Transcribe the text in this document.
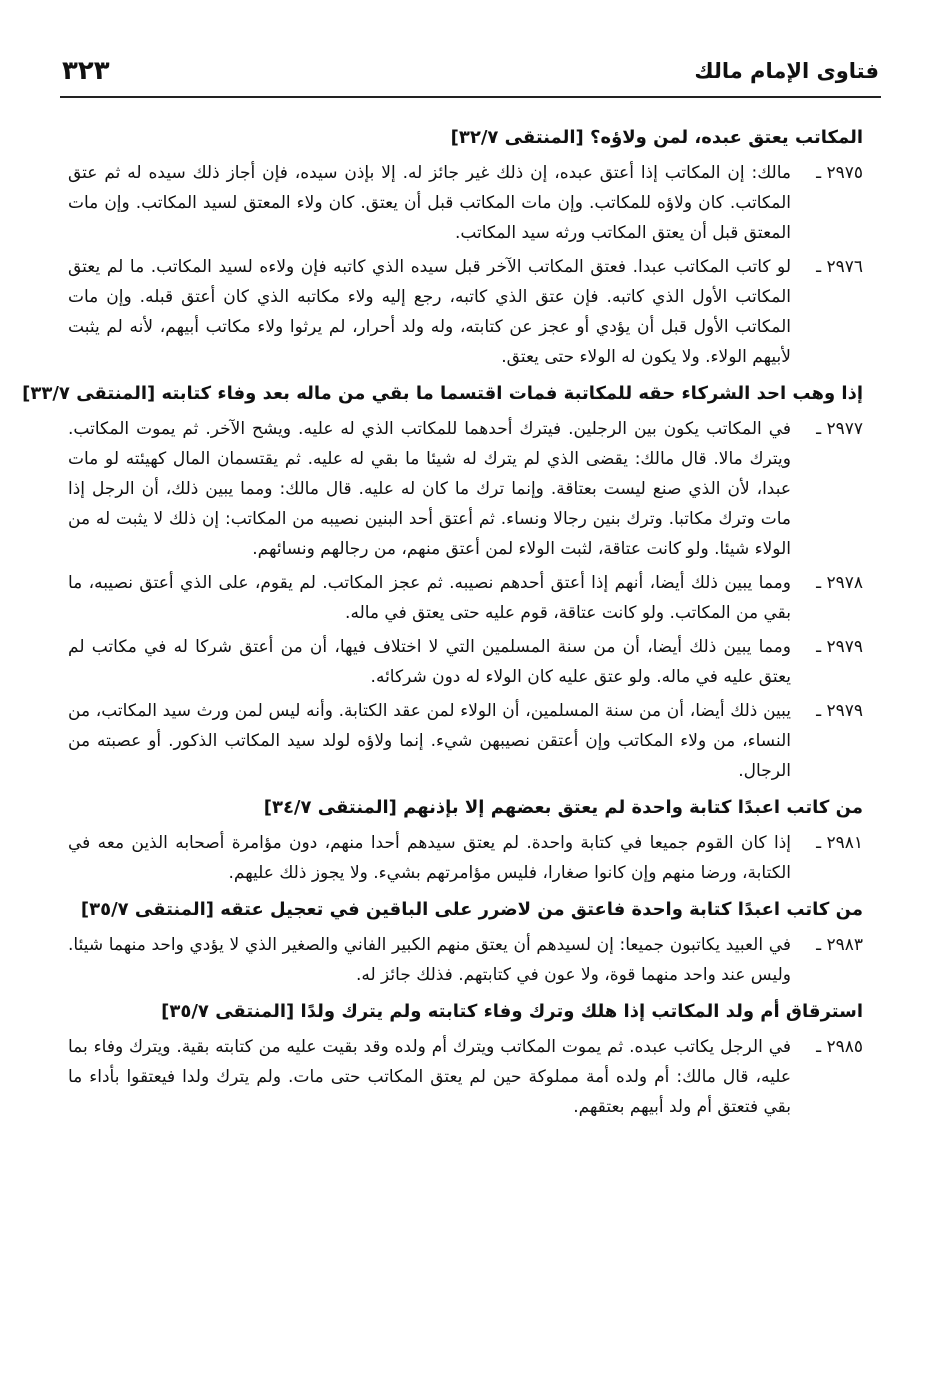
فتاوى الإمام مالك
٣٢٣
المكاتب يعتق عبده، لمن ولاؤه؟ [المنتقى ٣٢/٧]
٢٩٧٥ ـ
مالك: إن المكاتب إذا أعتق عبده، إن ذلك غير جائز له. إلا بإذن سيده، فإن أجاز ذلك سيده له ثم عتق المكاتب. كان ولاؤه للمكاتب. وإن مات المكاتب قبل أن يعتق. كان ولاء المعتق لسيد المكاتب. وإن مات المعتق قبل أن يعتق المكاتب ورثه سيد المكاتب.
٢٩٧٦ ـ
لو كاتب المكاتب عبدا. فعتق المكاتب الآخر قبل سيده الذي كاتبه فإن ولاءه لسيد المكاتب. ما لم يعتق المكاتب الأول الذي كاتبه. فإن عتق الذي كاتبه، رجع إليه ولاء مكاتبه الذي كان أعتق قبله. وإن مات المكاتب الأول قبل أن يؤدي أو عجز عن كتابته، وله ولد أحرار، لم يرثوا ولاء مكاتب أبيهم، لأنه لم يثبت لأبيهم الولاء. ولا يكون له الولاء حتى يعتق.
إذا وهب احد الشركاء حقه للمكاتبة فمات اقتسما ما بقي من ماله بعد وفاء كتابته [المنتقى ٣٣/٧]
٢٩٧٧ ـ
في المكاتب يكون بين الرجلين. فيترك أحدهما للمكاتب الذي له عليه. ويشح الآخر. ثم يموت المكاتب. ويترك مالا. قال مالك: يقضى الذي لم يترك له شيئا ما بقي له عليه. ثم يقتسمان المال كهيئته لو مات عبدا، لأن الذي صنع ليست بعتاقة. وإنما ترك ما كان له عليه. قال مالك: ومما يبين ذلك، أن الرجل إذا مات وترك مكاتبا. وترك بنين رجالا ونساء. ثم أعتق أحد البنين نصيبه من المكاتب: إن ذلك لا يثبت له من الولاء شيئا. ولو كانت عتاقة، لثبت الولاء لمن أعتق منهم، من رجالهم ونسائهم.
٢٩٧٨ ـ
ومما يبين ذلك أيضا، أنهم إذا أعتق أحدهم نصيبه. ثم عجز المكاتب. لم يقوم، على الذي أعتق نصيبه، ما بقي من المكاتب. ولو كانت عتاقة، قوم عليه حتى يعتق في ماله.
٢٩٧٩ ـ
ومما يبين ذلك أيضا، أن من سنة المسلمين التي لا اختلاف فيها، أن من أعتق شركا له في مكاتب لم يعتق عليه في ماله. ولو عتق عليه كان الولاء له دون شركائه.
٢٩٧٩ ـ
يبين ذلك أيضا، أن من سنة المسلمين، أن الولاء لمن عقد الكتابة. وأنه ليس لمن ورث سيد المكاتب، من النساء، من ولاء المكاتب وإن أعتقن نصيبهن شيء. إنما ولاؤه لولد سيد المكاتب الذكور. أو عصبته من الرجال.
من كاتب اعبدًا كتابة واحدة لم يعتق بعضهم إلا بإذنهم [المنتقى ٣٤/٧]
٢٩٨١ ـ
إذا كان القوم جميعا في كتابة واحدة. لم يعتق سيدهم أحدا منهم، دون مؤامرة أصحابه الذين معه في الكتابة، ورضا منهم وإن كانوا صغارا، فليس مؤامرتهم بشيء. ولا يجوز ذلك عليهم.
من كاتب اعبدًا كتابة واحدة فاعتق من لاضرر على الباقين في تعجيل عتقه [المنتقى ٣٥/٧]
٢٩٨٣ ـ
في العبيد يكاتبون جميعا: إن لسيدهم أن يعتق منهم الكبير الفاني والصغير الذي لا يؤدي واحد منهما شيئا. وليس عند واحد منهما قوة، ولا عون في كتابتهم. فذلك جائز له.
استرقاق أم ولد المكاتب إذا هلك وترك وفاء كتابته ولم يترك ولدًا [المنتقى ٣٥/٧]
٢٩٨٥ ـ
في الرجل يكاتب عبده. ثم يموت المكاتب ويترك أم ولده وقد بقيت عليه من كتابته بقية. ويترك وفاء بما عليه، قال مالك: أم ولده أمة مملوكة حين لم يعتق المكاتب حتى مات. ولم يترك ولدا فيعتقوا بأداء ما بقي فتعتق أم ولد أبيهم بعتقهم.
